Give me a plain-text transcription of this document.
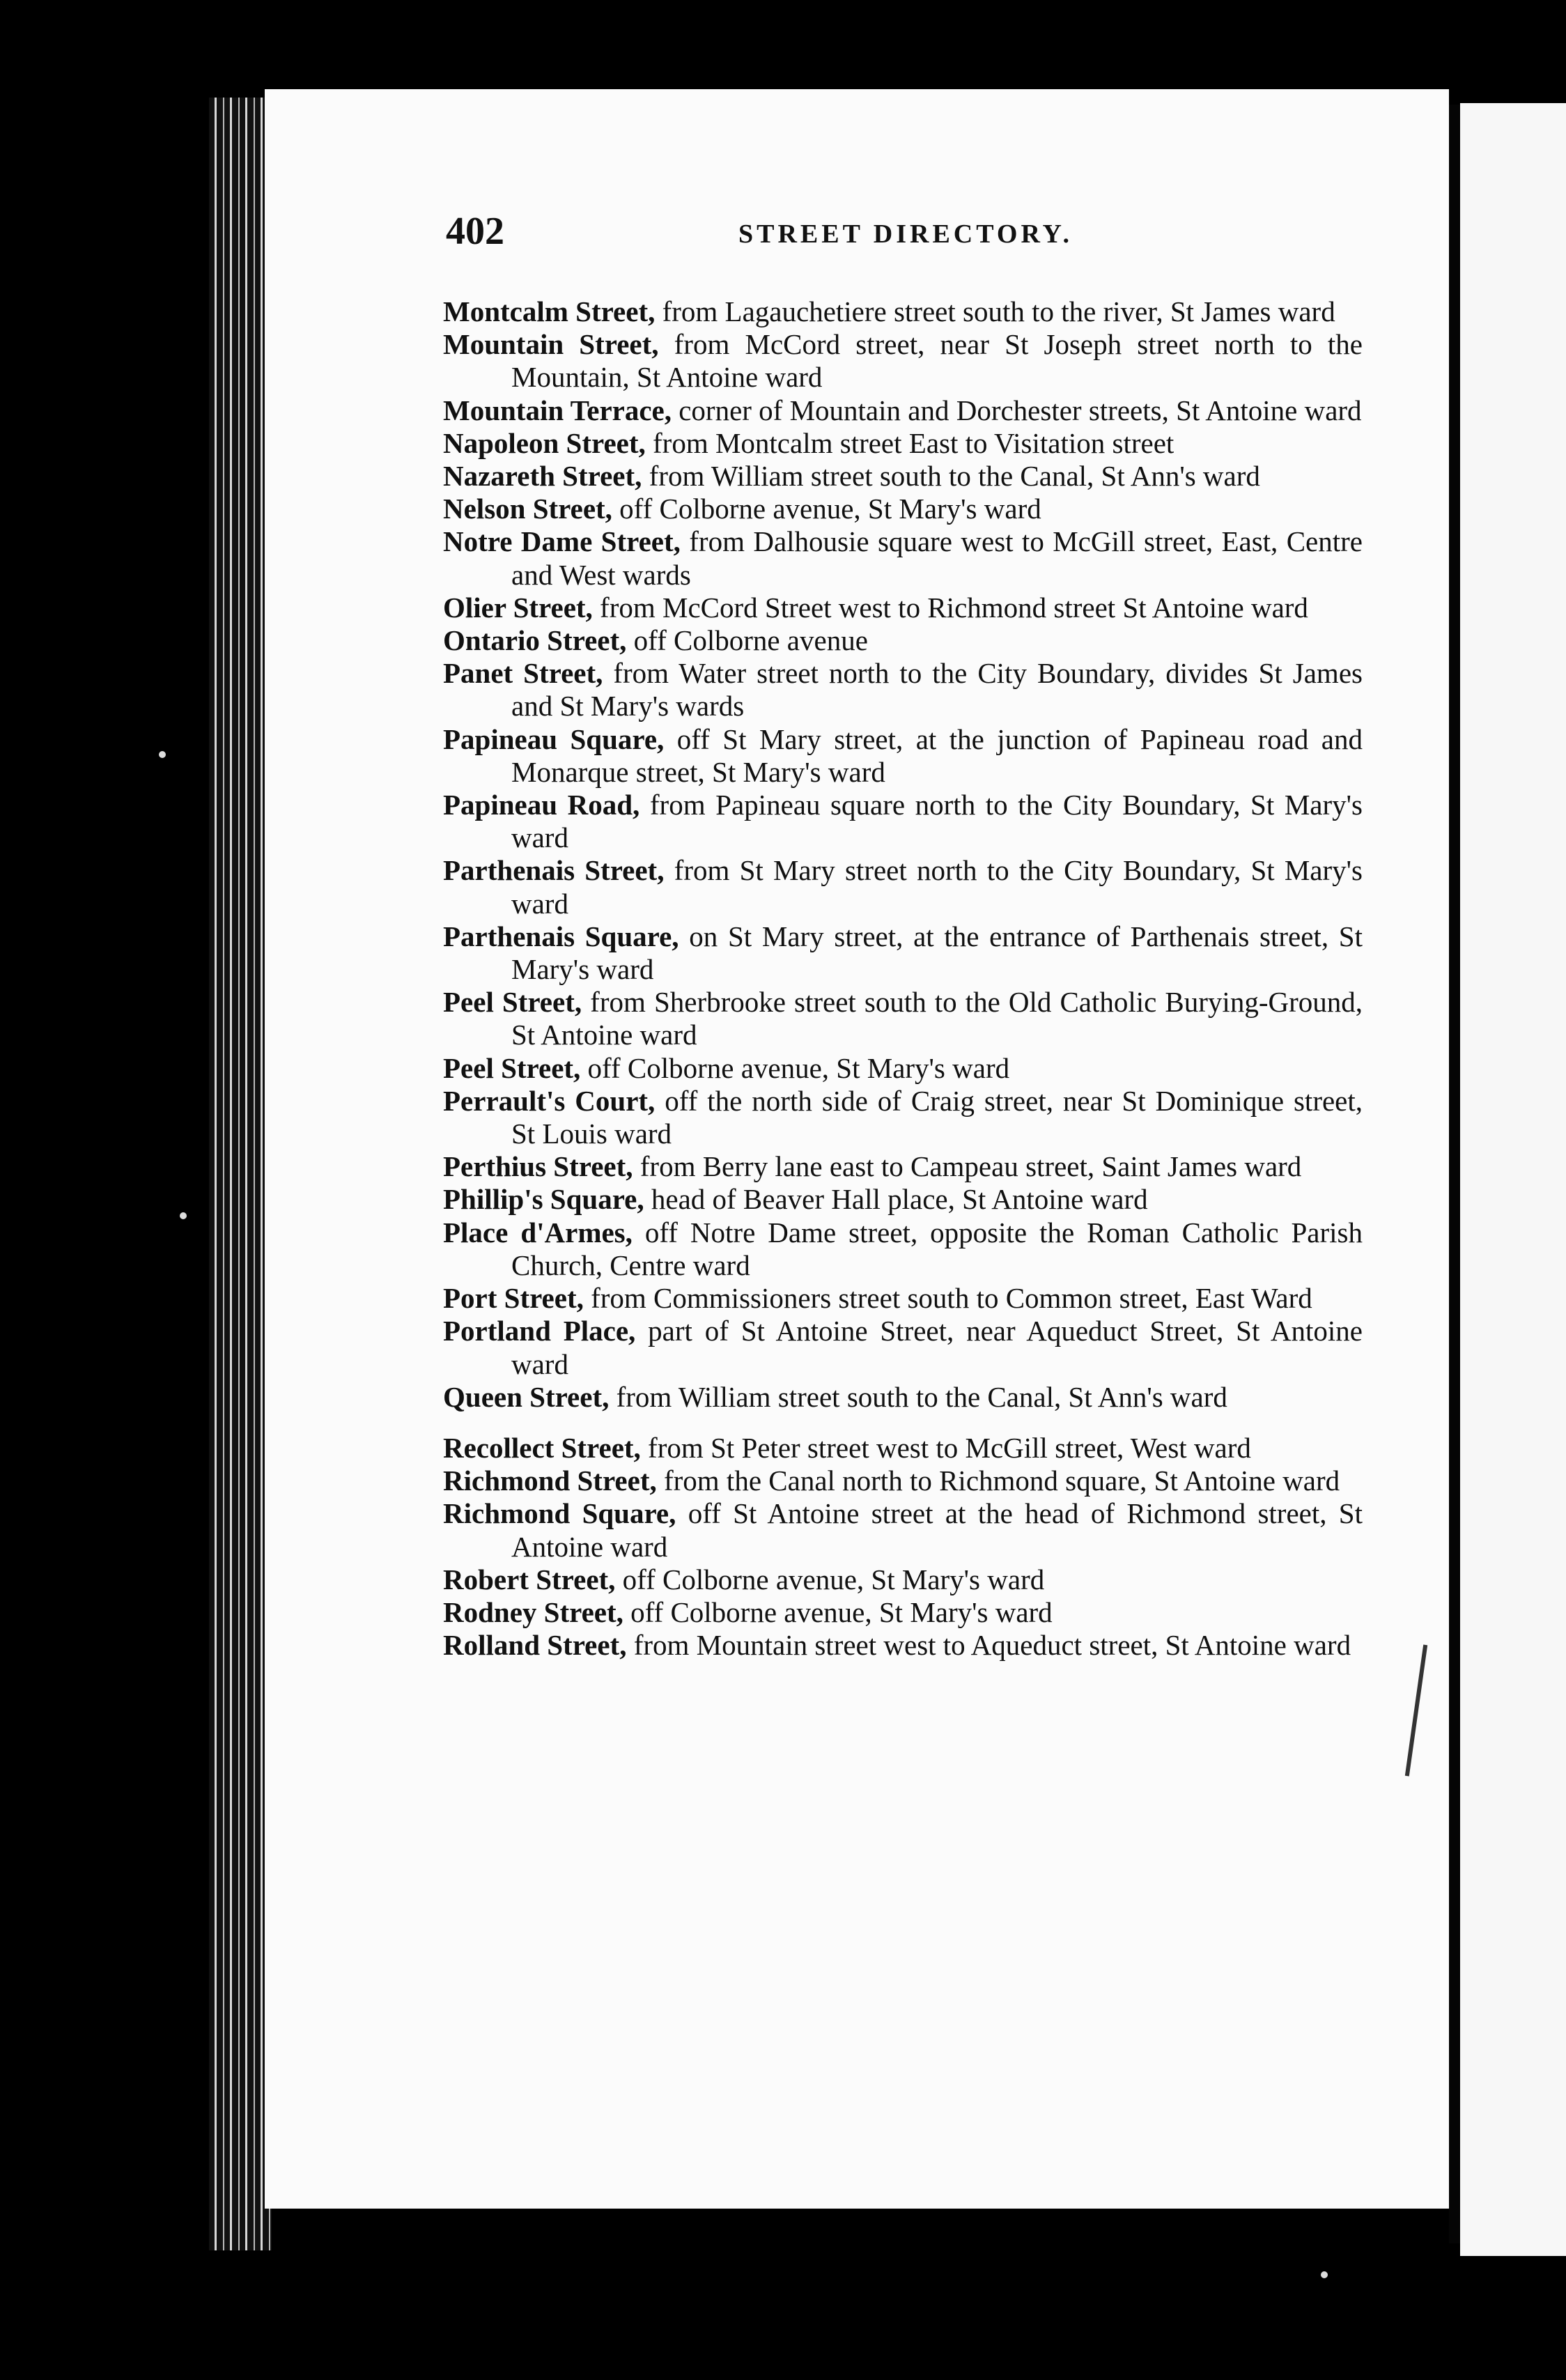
402	STREET DIRECTORY.

Montcalm Street, from Lagauchetiere street south to the river, St James ward

Mountain Street, from McCord street, near St Joseph street north to the Mountain, St Antoine ward

Mountain Terrace, corner of Mountain and Dorchester streets, St Antoine ward

Napoleon Street, from Montcalm street East to Visitation street

Nazareth Street, from William street south to the Canal, St Ann's ward

Nelson Street, off Colborne avenue, St Mary's ward

Notre Dame Street, from Dalhousie square west to McGill street, East, Centre and West wards

Olier Street, from McCord Street west to Richmond street St Antoine ward

Ontario Street, off Colborne avenue

Panet Street, from Water street north to the City Boundary, divides St James and St Mary's wards

Papineau Square, off St Mary street, at the junction of Papineau road and Monarque street, St Mary's ward

Papineau Road, from Papineau square north to the City Boundary, St Mary's ward

Parthenais Street, from St Mary street north to the City Boundary, St Mary's ward

Parthenais Square, on St Mary street, at the entrance of Parthenais street, St Mary's ward

Peel Street, from Sherbrooke street south to the Old Catholic Burying-Ground, St Antoine ward

Peel Street, off Colborne avenue, St Mary's ward

Perrault's Court, off the north side of Craig street, near St Dominique street, St Louis ward

Perthius Street, from Berry lane east to Campeau street, Saint James ward

Phillip's Square, head of Beaver Hall place, St Antoine ward

Place d'Armes, off Notre Dame street, opposite the Roman Catholic Parish Church, Centre ward

Port Street, from Commissioners street south to Common street, East Ward

Portland Place, part of St Antoine Street, near Aqueduct Street, St Antoine ward

Queen Street, from William street south to the Canal, St Ann's ward

Recollect Street, from St Peter street west to McGill street, West ward

Richmond Street, from the Canal north to Richmond square, St Antoine ward

Richmond Square, off St Antoine street at the head of Richmond street, St Antoine ward

Robert Street, off Colborne avenue, St Mary's ward

Rodney Street, off Colborne avenue, St Mary's ward

Rolland Street, from Mountain street west to Aqueduct street, St Antoine ward
